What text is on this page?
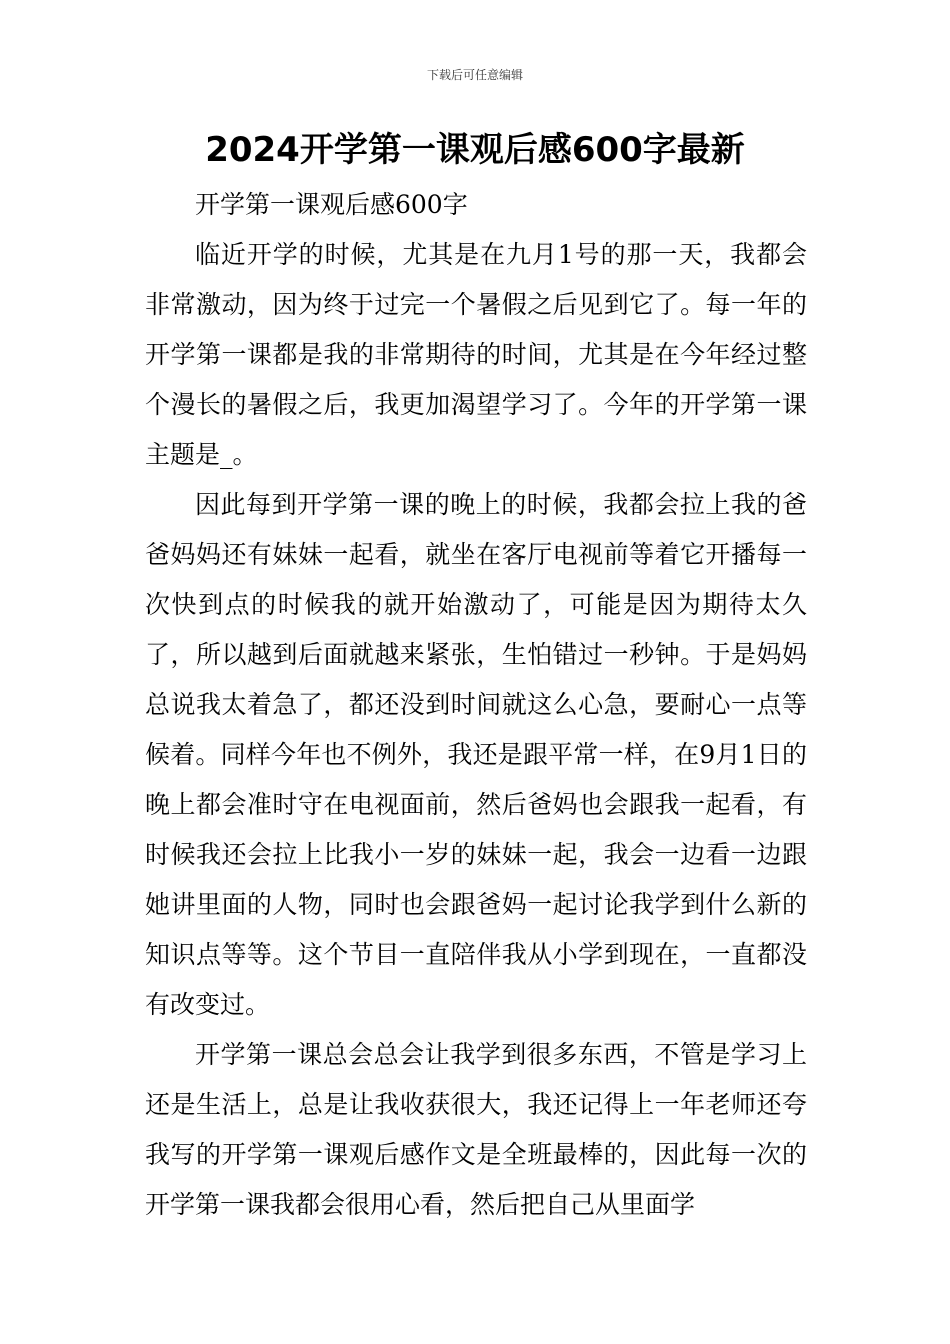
下载后可任意编辑
2024开学第一课观后感600字最新

开学第一课观后感600字

临近开学的时候，尤其是在九月1号的那一天，我都会非常激动，因为终于过完一个暑假之后见到它了。每一年的开学第一课都是我的非常期待的时间，尤其是在今年经过整个漫长的暑假之后，我更加渴望学习了。今年的开学第一课主题是_。

因此每到开学第一课的晚上的时候，我都会拉上我的爸爸妈妈还有妹妹一起看，就坐在客厅电视前等着它开播每一次快到点的时候我的就开始激动了，可能是因为期待太久了，所以越到后面就越来紧张，生怕错过一秒钟。于是妈妈总说我太着急了，都还没到时间就这么心急，要耐心一点等候着。同样今年也不例外，我还是跟平常一样，在9月1日的晚上都会准时守在电视面前，然后爸妈也会跟我一起看，有时候我还会拉上比我小一岁的妹妹一起，我会一边看一边跟她讲里面的人物，同时也会跟爸妈一起讨论我学到什么新的知识点等等。这个节目一直陪伴我从小学到现在，一直都没有改变过。

开学第一课总会总会让我学到很多东西，不管是学习上还是生活上，总是让我收获很大，我还记得上一年老师还夸我写的开学第一课观后感作文是全班最棒的，因此每一次的开学第一课我都会很用心看，然后把自己从里面学
